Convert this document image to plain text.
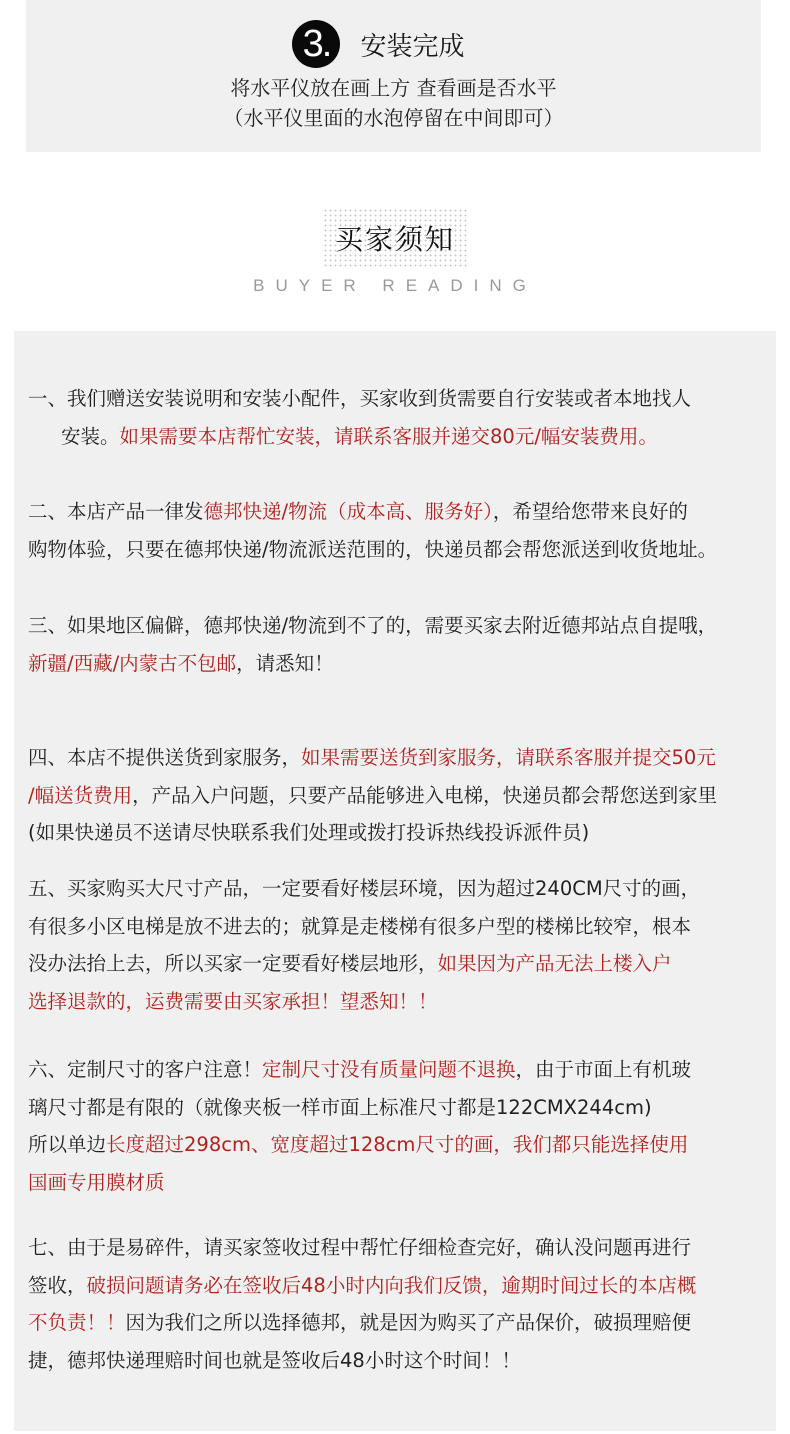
3.	安装完成
将水平仪放在画上方 查看画是否水平
（水平仪里面的水泡停留在中间即可）
买家须知
BUYER READING
一、我们赠送安装说明和安装小配件，买家收到货需要自行安装或者本地找人
安装。如果需要本店帮忙安装，请联系客服并递交80元/幅安装费用。
二、本店产品一律发德邦快递/物流（成本高、服务好），希望给您带来良好的
购物体验，只要在德邦快递/物流派送范围的，快递员都会帮您派送到收货地址。
三、如果地区偏僻，德邦快递/物流到不了的，需要买家去附近德邦站点自提哦，
新疆/西藏/内蒙古不包邮，请悉知！
四、本店不提供送货到家服务，如果需要送货到家服务，请联系客服并提交50元
/幅送货费用，产品入户问题，只要产品能够进入电梯，快递员都会帮您送到家里
(如果快递员不送请尽快联系我们处理或拨打投诉热线投诉派件员)
五、买家购买大尺寸产品，一定要看好楼层环境，因为超过240CM尺寸的画，
有很多小区电梯是放不进去的；就算是走楼梯有很多户型的楼梯比较窄，根本
没办法抬上去，所以买家一定要看好楼层地形，如果因为产品无法上楼入户
选择退款的，运费需要由买家承担！望悉知！！
六、定制尺寸的客户注意！定制尺寸没有质量问题不退换，由于市面上有机玻
璃尺寸都是有限的（就像夹板一样市面上标准尺寸都是122CMX244cm)
所以单边长度超过298cm、宽度超过128cm尺寸的画，我们都只能选择使用
国画专用膜材质
七、由于是易碎件，请买家签收过程中帮忙仔细检查完好，确认没问题再进行
签收，破损问题请务必在签收后48小时内向我们反馈，逾期时间过长的本店概
不负责！！因为我们之所以选择德邦，就是因为购买了产品保价，破损理赔便
捷，德邦快递理赔时间也就是签收后48小时这个时间！！
